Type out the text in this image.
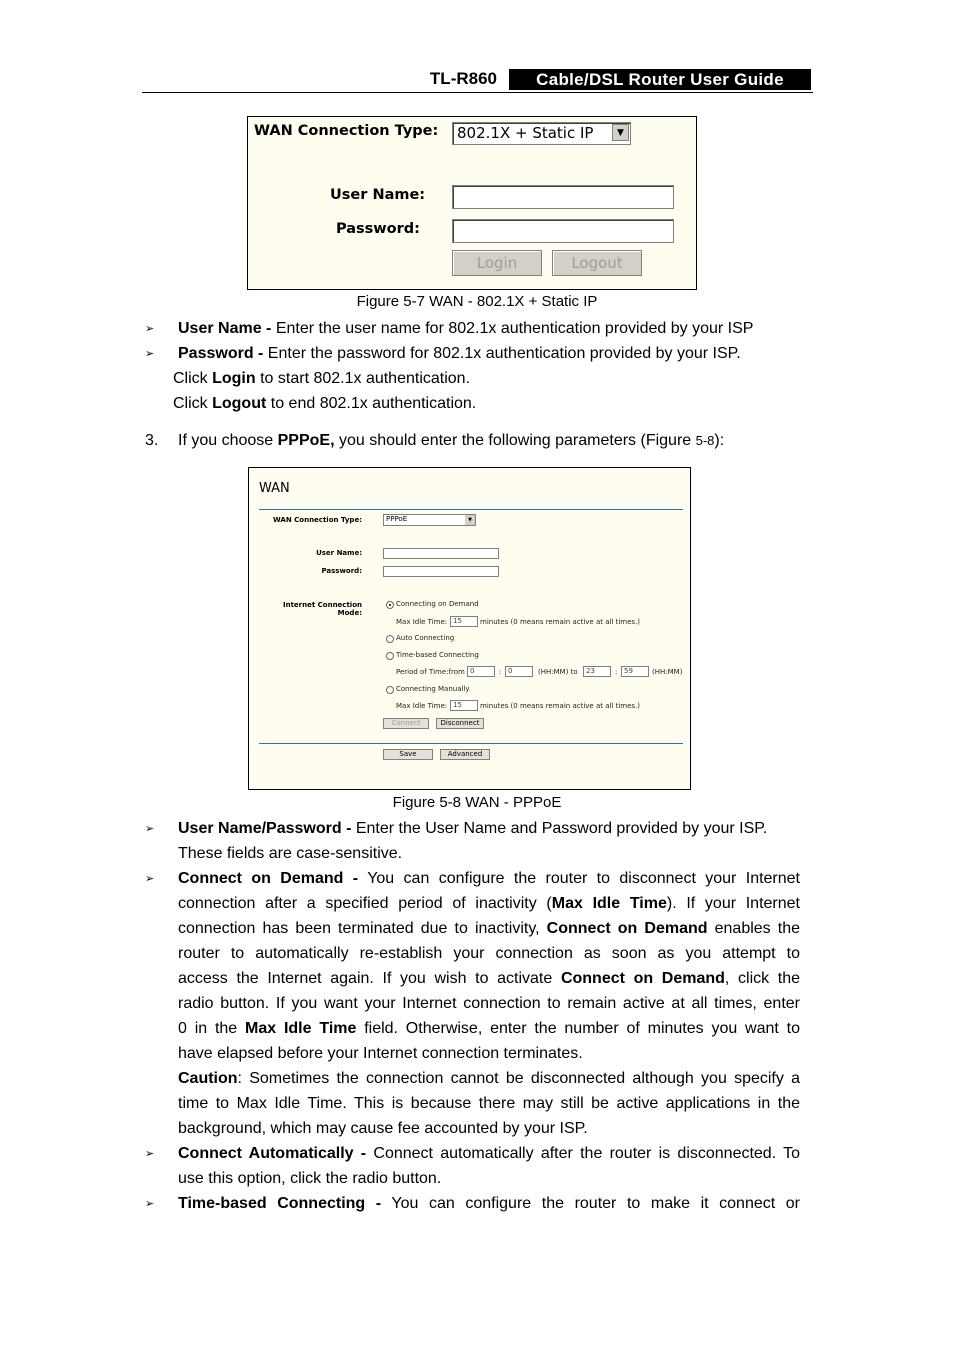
TL-R860	Cable/DSL Router User Guide
WAN Connection Type: 802.1X + Static IP	▼
User Name:
Password:
Login	Logout
Figure 5-7 WAN - 802.1X + Static IP
➢ User Name - Enter the user name for 802.1x authentication provided by your ISP
➢ Password - Enter the password for 802.1x authentication provided by your ISP.
Click Login to start 802.1x authentication.
Click Logout to end 802.1x authentication.
3. If you choose PPPoE, you should enter the following parameters (Figure 5-8):
WAN
WAN Connection Type:	PPPoE	▼
User Name:
Password:
Internet Connection Mode:
Connecting on Demand
Max Idle Time: 15	minutes (0 means remain active at all times.)
Auto Connecting
Time-based Connecting
Period of Time:from 0	: 0	(HH:MM) to 23	: 59	(HH:MM)
Connecting Manually
Max Idle Time: 15	minutes (0 means remain active at all times.)
Connect	Disconnect
Save	Advanced
Figure 5-8 WAN - PPPoE
➢ User Name/Password - Enter the User Name and Password provided by your ISP.
These fields are case-sensitive.
➢ Connect on Demand - You can configure the router to disconnect your Internet
connection after a specified period of inactivity (Max Idle Time). If your Internet
connection has been terminated due to inactivity, Connect on Demand enables the
router to automatically re-establish your connection as soon as you attempt to
access the Internet again. If you wish to activate Connect on Demand, click the
radio button. If you want your Internet connection to remain active at all times, enter
0 in the Max Idle Time field. Otherwise, enter the number of minutes you want to
have elapsed before your Internet connection terminates.
Caution: Sometimes the connection cannot be disconnected although you specify a
time to Max Idle Time. This is because there may still be active applications in the
background, which may cause fee accounted by your ISP.
➢ Connect Automatically - Connect automatically after the router is disconnected. To
use this option, click the radio button.
➢ Time-based Connecting - You can configure the router to make it connect or
